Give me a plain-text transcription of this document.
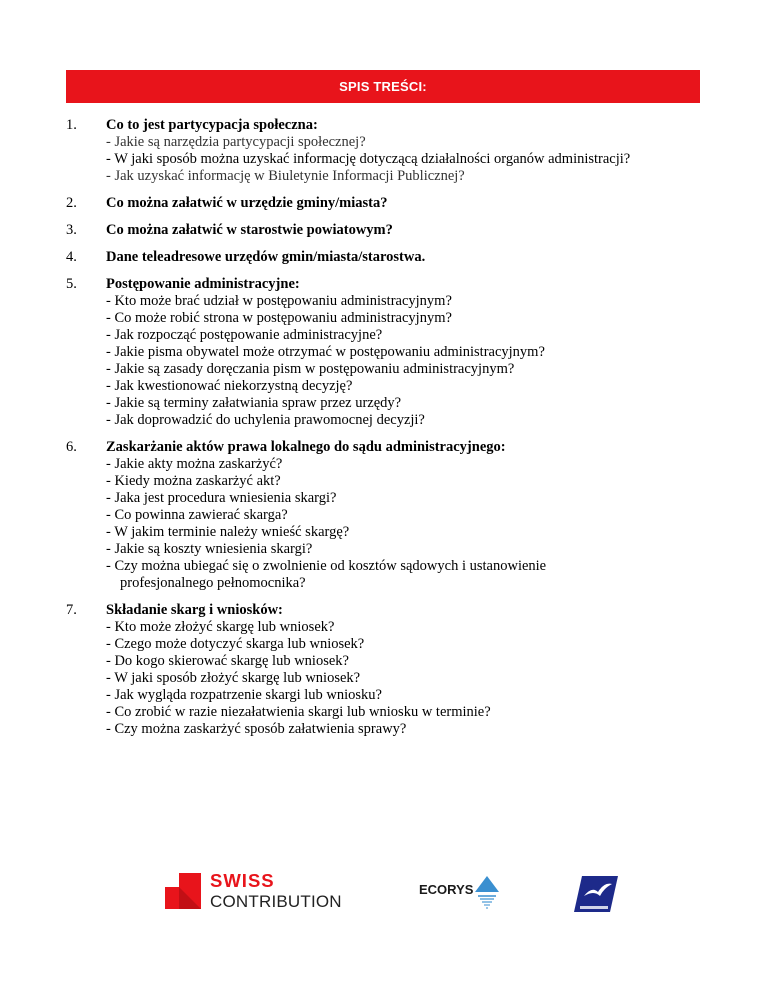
SPIS TREŚCI:
1.	Co to jest partycypacja społeczna:
- Jakie są narzędzia partycypacji społecznej?
- W jaki sposób można uzyskać informację dotyczącą działalności organów administracji?
- Jak uzyskać informację w Biuletynie Informacji Publicznej?
2.	Co można załatwić w urzędzie gminy/miasta?
3.	Co można załatwić w starostwie powiatowym?
4.	Dane teleadresowe urzędów gmin/miasta/starostwa.
5.	Postępowanie administracyjne:
- Kto może brać udział w postępowaniu administracyjnym?
- Co może robić strona w postępowaniu administracyjnym?
- Jak rozpocząć postępowanie administracyjne?
- Jakie pisma obywatel może otrzymać w postępowaniu administracyjnym?
- Jakie są zasady doręczania pism w postępowaniu administracyjnym?
- Jak kwestionować niekorzystną decyzję?
- Jakie są terminy załatwiania spraw przez urzędy?
- Jak doprowadzić do uchylenia prawomocnej decyzji?
6.	Zaskarżanie aktów prawa lokalnego do sądu administracyjnego:
- Jakie akty można zaskarżyć?
- Kiedy można zaskarżyć akt?
- Jaka jest procedura wniesienia skargi?
- Co powinna zawierać skarga?
- W jakim terminie należy wnieść skargę?
- Jakie są koszty wniesienia skargi?
- Czy można ubiegać się o zwolnienie od kosztów sądowych i ustanowienie
profesjonalnego pełnomocnika?
7.	Składanie skarg i wniosków:
- Kto może złożyć skargę lub wniosek?
- Czego może dotyczyć skarga lub wniosek?
- Do kogo skierować skargę lub wniosek?
- W jaki sposób złożyć skargę lub wniosek?
- Jak wygląda rozpatrzenie skargi lub wniosku?
- Co zrobić w razie niezałatwienia skargi lub wniosku w terminie?
- Czy można zaskarżyć sposób załatwienia sprawy?
SWISS
CONTRIBUTION
ECORYS
